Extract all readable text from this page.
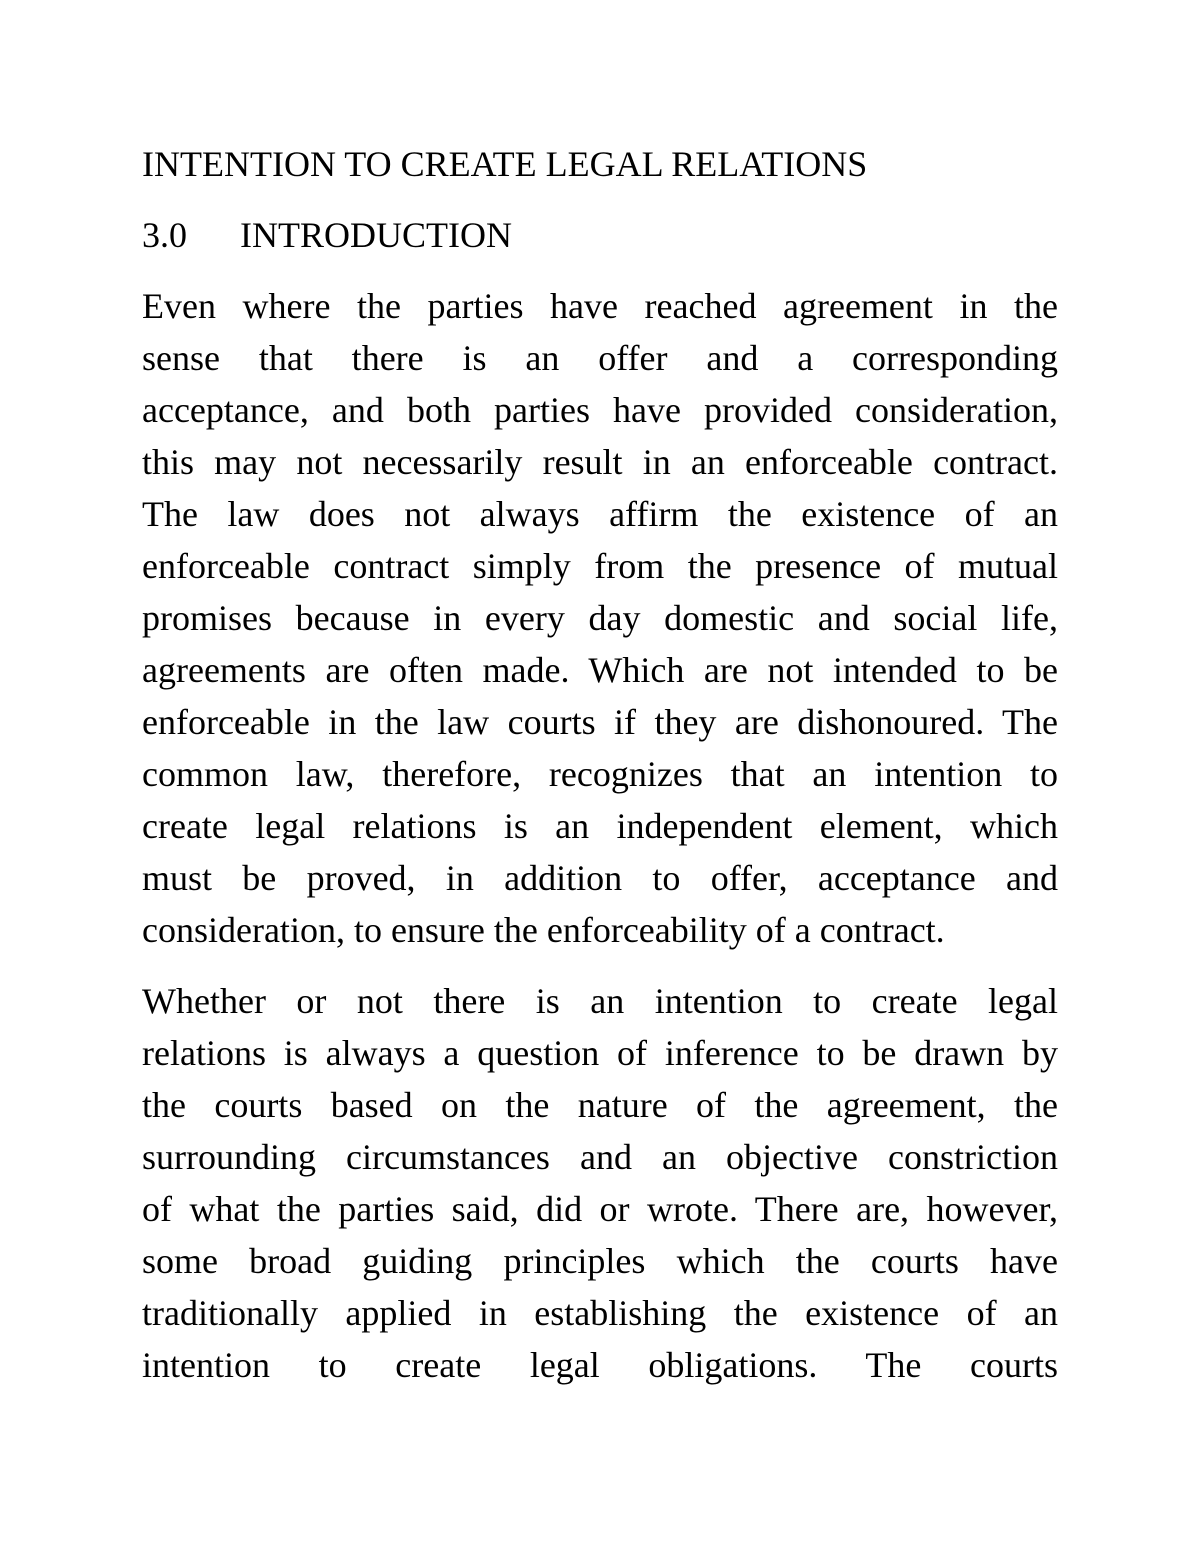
INTENTION TO CREATE LEGAL RELATIONS
3.0 INTRODUCTION
Even where the parties have reached agreement in the
sense that there is an offer and a corresponding
acceptance, and both parties have provided consideration,
this may not necessarily result in an enforceable contract.
The law does not always affirm the existence of an
enforceable contract simply from the presence of mutual
promises because in every day domestic and social life,
agreements are often made. Which are not intended to be
enforceable in the law courts if they are dishonoured. The
common law, therefore, recognizes that an intention to
create legal relations is an independent element, which
must be proved, in addition to offer, acceptance and
consideration, to ensure the enforceability of a contract.
Whether or not there is an intention to create legal
relations is always a question of inference to be drawn by
the courts based on the nature of the agreement, the
surrounding circumstances and an objective constriction
of what the parties said, did or wrote. There are, however,
some broad guiding principles which the courts have
traditionally applied in establishing the existence of an
intention to create legal obligations. The courts
